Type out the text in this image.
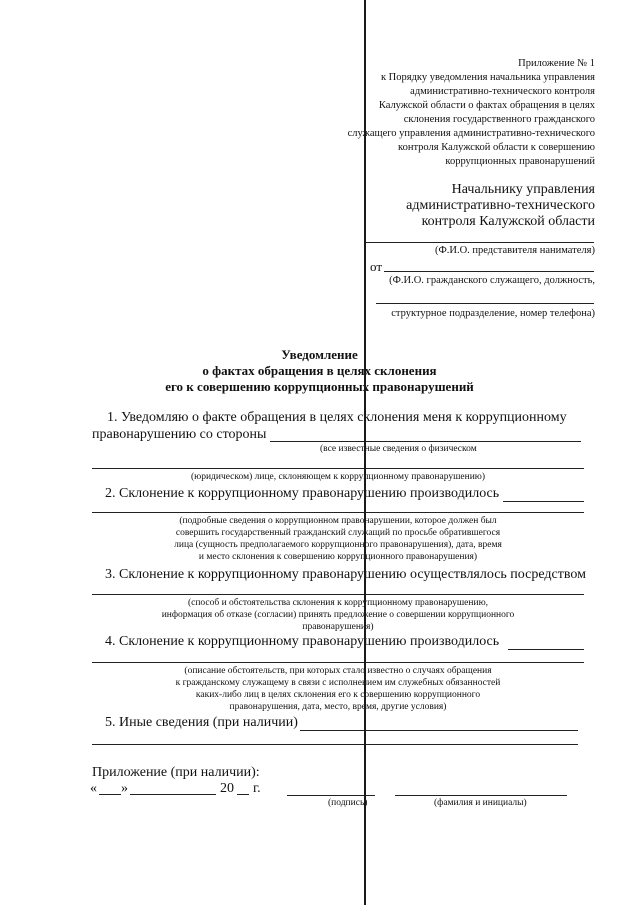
Приложение № 1
к Порядку уведомления начальника управления
административно-технического контроля
Калужской области о фактах обращения в целях
склонения государственного гражданского
служащего управления административно-технического
контроля Калужской области к совершению
коррупционных правонарушений
Начальнику управления
административно-технического
контроля Калужской области
(Ф.И.О. представителя нанимателя)
от
(Ф.И.О. гражданского служащего, должность,
структурное подразделение, номер телефона)
Уведомление
о фактах обращения в целях склонения
его к совершению коррупционных правонарушений
1. Уведомляю о факте обращения в целях склонения меня к коррупционному
правонарушению со стороны
(все известные сведения о физическом
(юридическом) лице, склоняющем к коррупционному правонарушению)
2. Склонение к коррупционному правонарушению производилось
(подробные сведения о коррупционном правонарушении, которое должен был
совершить государственный гражданский служащий по просьбе обратившегося
лица (сущность предполагаемого коррупционного правонарушения), дата, время
и место склонения к совершению коррупционного правонарушения)
3. Склонение к коррупционному правонарушению осуществлялось посредством
(способ и обстоятельства склонения к коррупционному правонарушению,
информация об отказе (согласии) принять предложение о совершении коррупционного
правонарушения)
4. Склонение к коррупционному правонарушению производилось
(описание обстоятельств, при которых стало известно о случаях обращения
к гражданскому служащему в связи с исполнением им служебных обязанностей
каких-либо лиц в целях склонения его к совершению коррупционного
правонарушения, дата, место, время, другие условия)
5. Иные сведения (при наличии)
Приложение (при наличии):
« »	20 г.
(подпись)	(фамилия и инициалы)
